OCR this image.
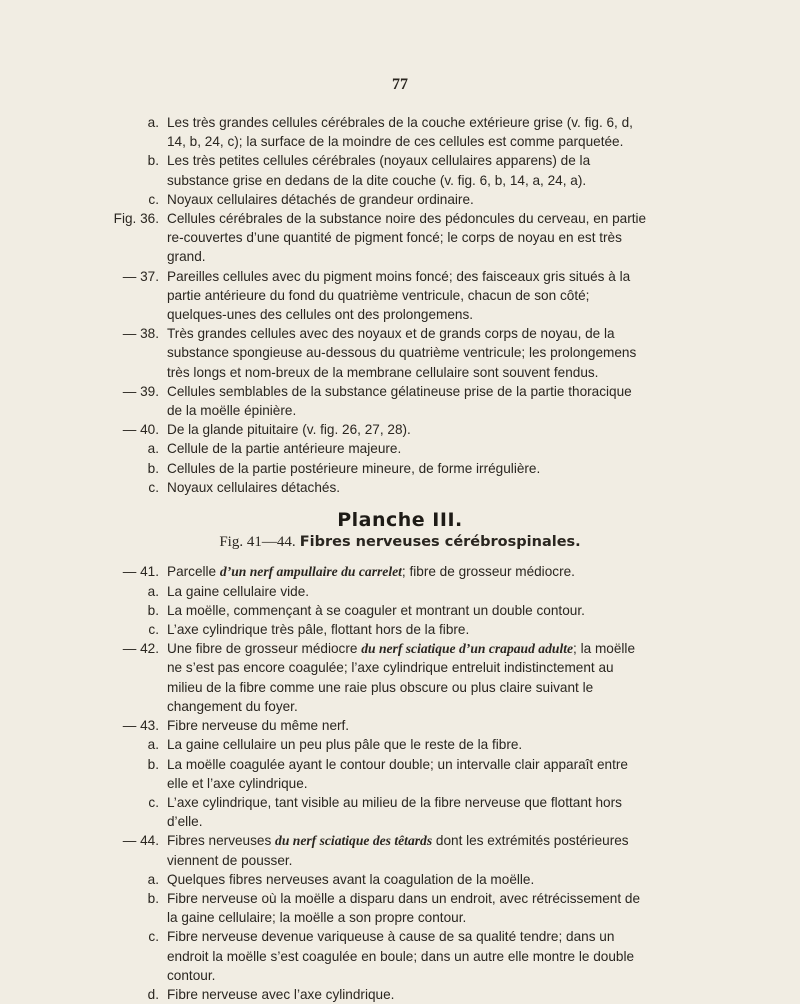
77
a. Les très grandes cellules cérébrales de la couche extérieure grise (v. fig. 6, d, 14, b, 24, c); la surface de la moindre de ces cellules est comme parquetée.
b. Les très petites cellules cérébrales (noyaux cellulaires apparens) de la substance grise en dedans de la dite couche (v. fig. 6, b, 14, a, 24, a).
c. Noyaux cellulaires détachés de grandeur ordinaire.
Fig. 36. Cellules cérébrales de la substance noire des pédoncules du cerveau, en partie re-couvertes d’une quantité de pigment foncé; le corps de noyau en est très grand.
— 37. Pareilles cellules avec du pigment moins foncé; des faisceaux gris situés à la partie antérieure du fond du quatrième ventricule, chacun de son côté; quelques-unes des cellules ont des prolongemens.
— 38. Très grandes cellules avec des noyaux et de grands corps de noyau, de la substance spongieuse au-dessous du quatrième ventricule; les prolongemens très longs et nom-breux de la membrane cellulaire sont souvent fendus.
— 39. Cellules semblables de la substance gélatineuse prise de la partie thoracique de la moëlle épinière.
— 40. De la glande pituitaire (v. fig. 26, 27, 28).
a. Cellule de la partie antérieure majeure.
b. Cellules de la partie postérieure mineure, de forme irrégulière.
c. Noyaux cellulaires détachés.
Planche III.
Fig. 41—44. Fibres nerveuses cérébrospinales.
— 41. Parcelle d’un nerf ampullaire du carrelet; fibre de grosseur médiocre.
a. La gaine cellulaire vide.
b. La moëlle, commençant à se coaguler et montrant un double contour.
c. L’axe cylindrique très pâle, flottant hors de la fibre.
— 42. Une fibre de grosseur médiocre du nerf sciatique d’un crapaud adulte; la moëlle ne s’est pas encore coagulée; l’axe cylindrique entreluit indistinctement au milieu de la fibre comme une raie plus obscure ou plus claire suivant le changement du foyer.
— 43. Fibre nerveuse du même nerf.
a. La gaine cellulaire un peu plus pâle que le reste de la fibre.
b. La moëlle coagulée ayant le contour double; un intervalle clair apparaît entre elle et l’axe cylindrique.
c. L’axe cylindrique, tant visible au milieu de la fibre nerveuse que flottant hors d’elle.
— 44. Fibres nerveuses du nerf sciatique des têtards dont les extrémités postérieures viennent de pousser.
a. Quelques fibres nerveuses avant la coagulation de la moëlle.
b. Fibre nerveuse où la moëlle a disparu dans un endroit, avec rétrécissement de la gaine cellulaire; la moëlle a son propre contour.
c. Fibre nerveuse devenue variqueuse à cause de sa qualité tendre; dans un endroit la moëlle s’est coagulée en boule; dans un autre elle montre le double contour.
d. Fibre nerveuse avec l’axe cylindrique.
